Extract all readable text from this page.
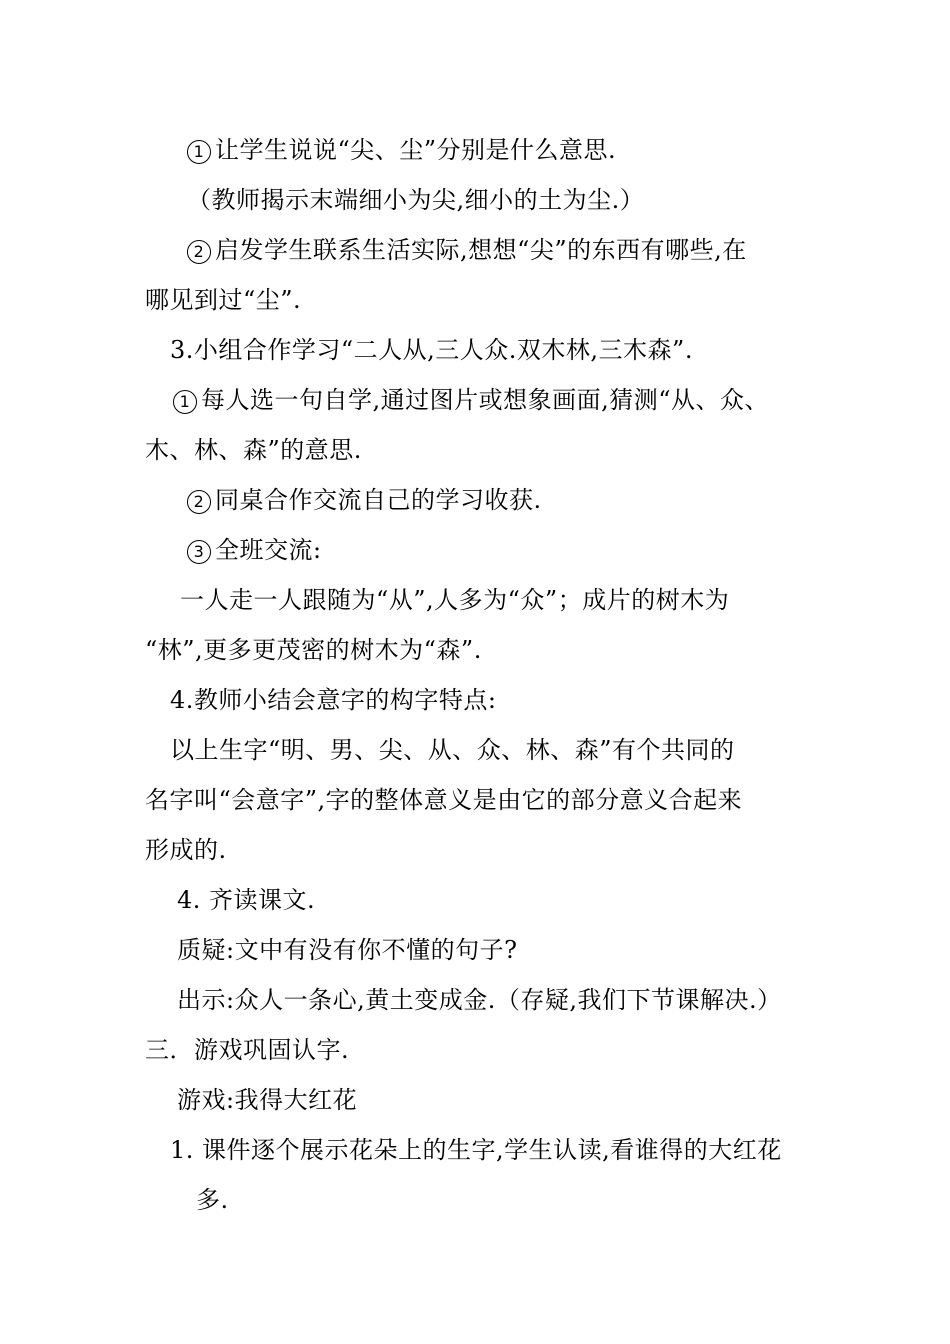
1 让学生说说“尖、尘”分别是什么意思.
（教师揭示末端细小为尖,细小的土为尘.）
2 启发学生联系生活实际,想想“尖”的东西有哪些,在
哪见到过“尘”.
3.小组合作学习“二人从,三人众.双木林,三木森”.
1 每人选一句自学,通过图片或想象画面,猜测“从、众、
木、林、森”的意思.
2 同桌合作交流自己的学习收获.
3 全班交流:
一人走一人跟随为“从”,人多为“众”；成片的树木为
“林”,更多更茂密的树木为“森”.
4.教师小结会意字的构字特点:
以上生字“明、男、尖、从、众、林、森”有个共同的
名字叫“会意字”,字的整体意义是由它的部分意义合起来
形成的.
4. 齐读课文.
质疑:文中有没有你不懂的句子?
出示:众人一条心,黄土变成金.（存疑,我们下节课解决.）
三．游戏巩固认字.
游戏:我得大红花
1. 课件逐个展示花朵上的生字,学生认读,看谁得的大红花
多.
